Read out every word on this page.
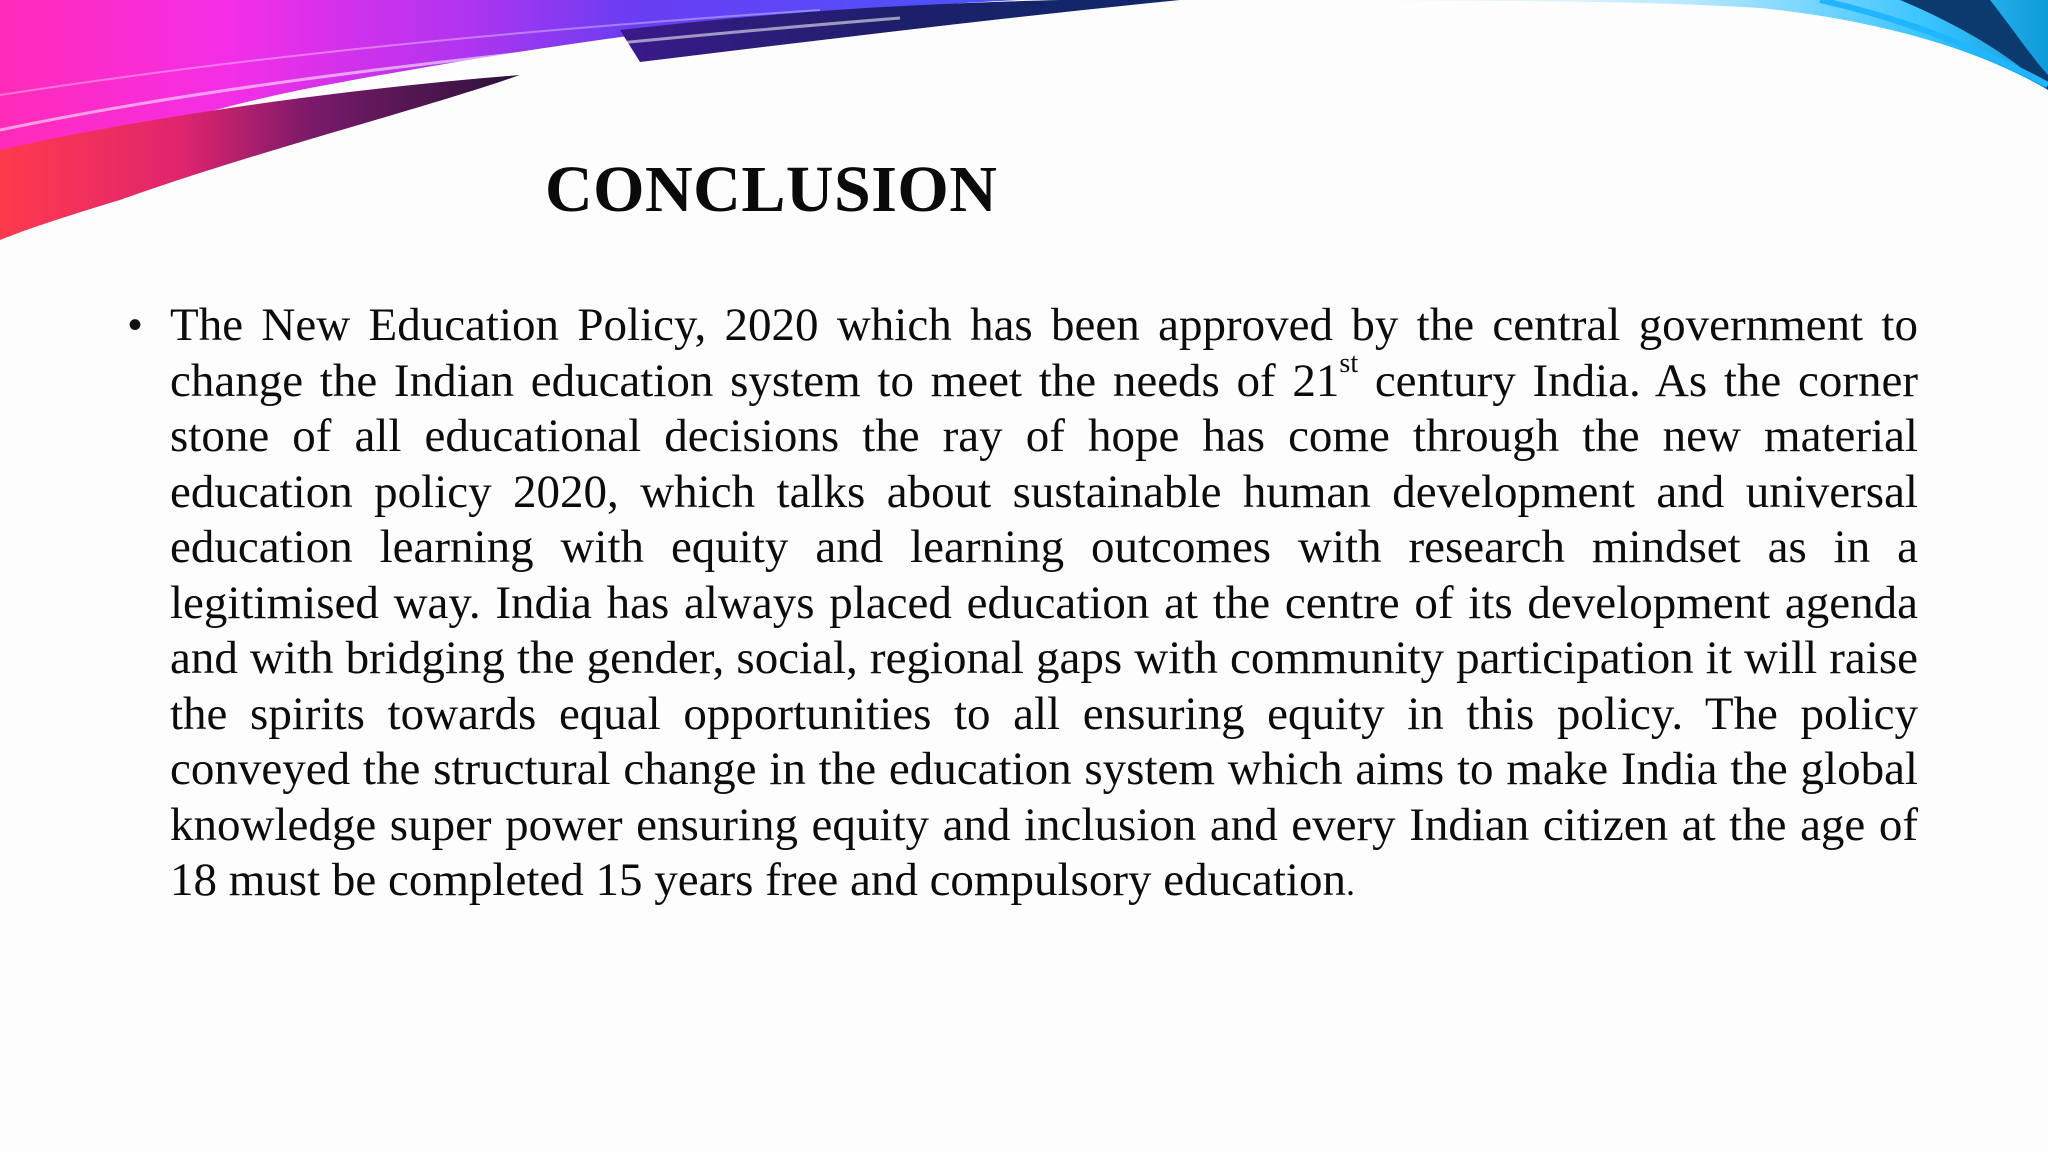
CONCLUSION
• The New Education Policy, 2020 which has been approved by the central government to change the Indian education system to meet the needs of 21st century India. As the corner stone of all educational decisions the ray of hope has come through the new material education policy 2020, which talks about sustainable human development and universal education learning with equity and learning outcomes with research mindset as in a legitimised way. India has always placed education at the centre of its development agenda and with bridging the gender, social, regional gaps with community participation it will raise the spirits towards equal opportunities to all ensuring equity in this policy. The policy conveyed the structural change in the education system which aims to make India the global knowledge super power ensuring equity and inclusion and every Indian citizen at the age of 18 must be completed 15 years free and compulsory education.
